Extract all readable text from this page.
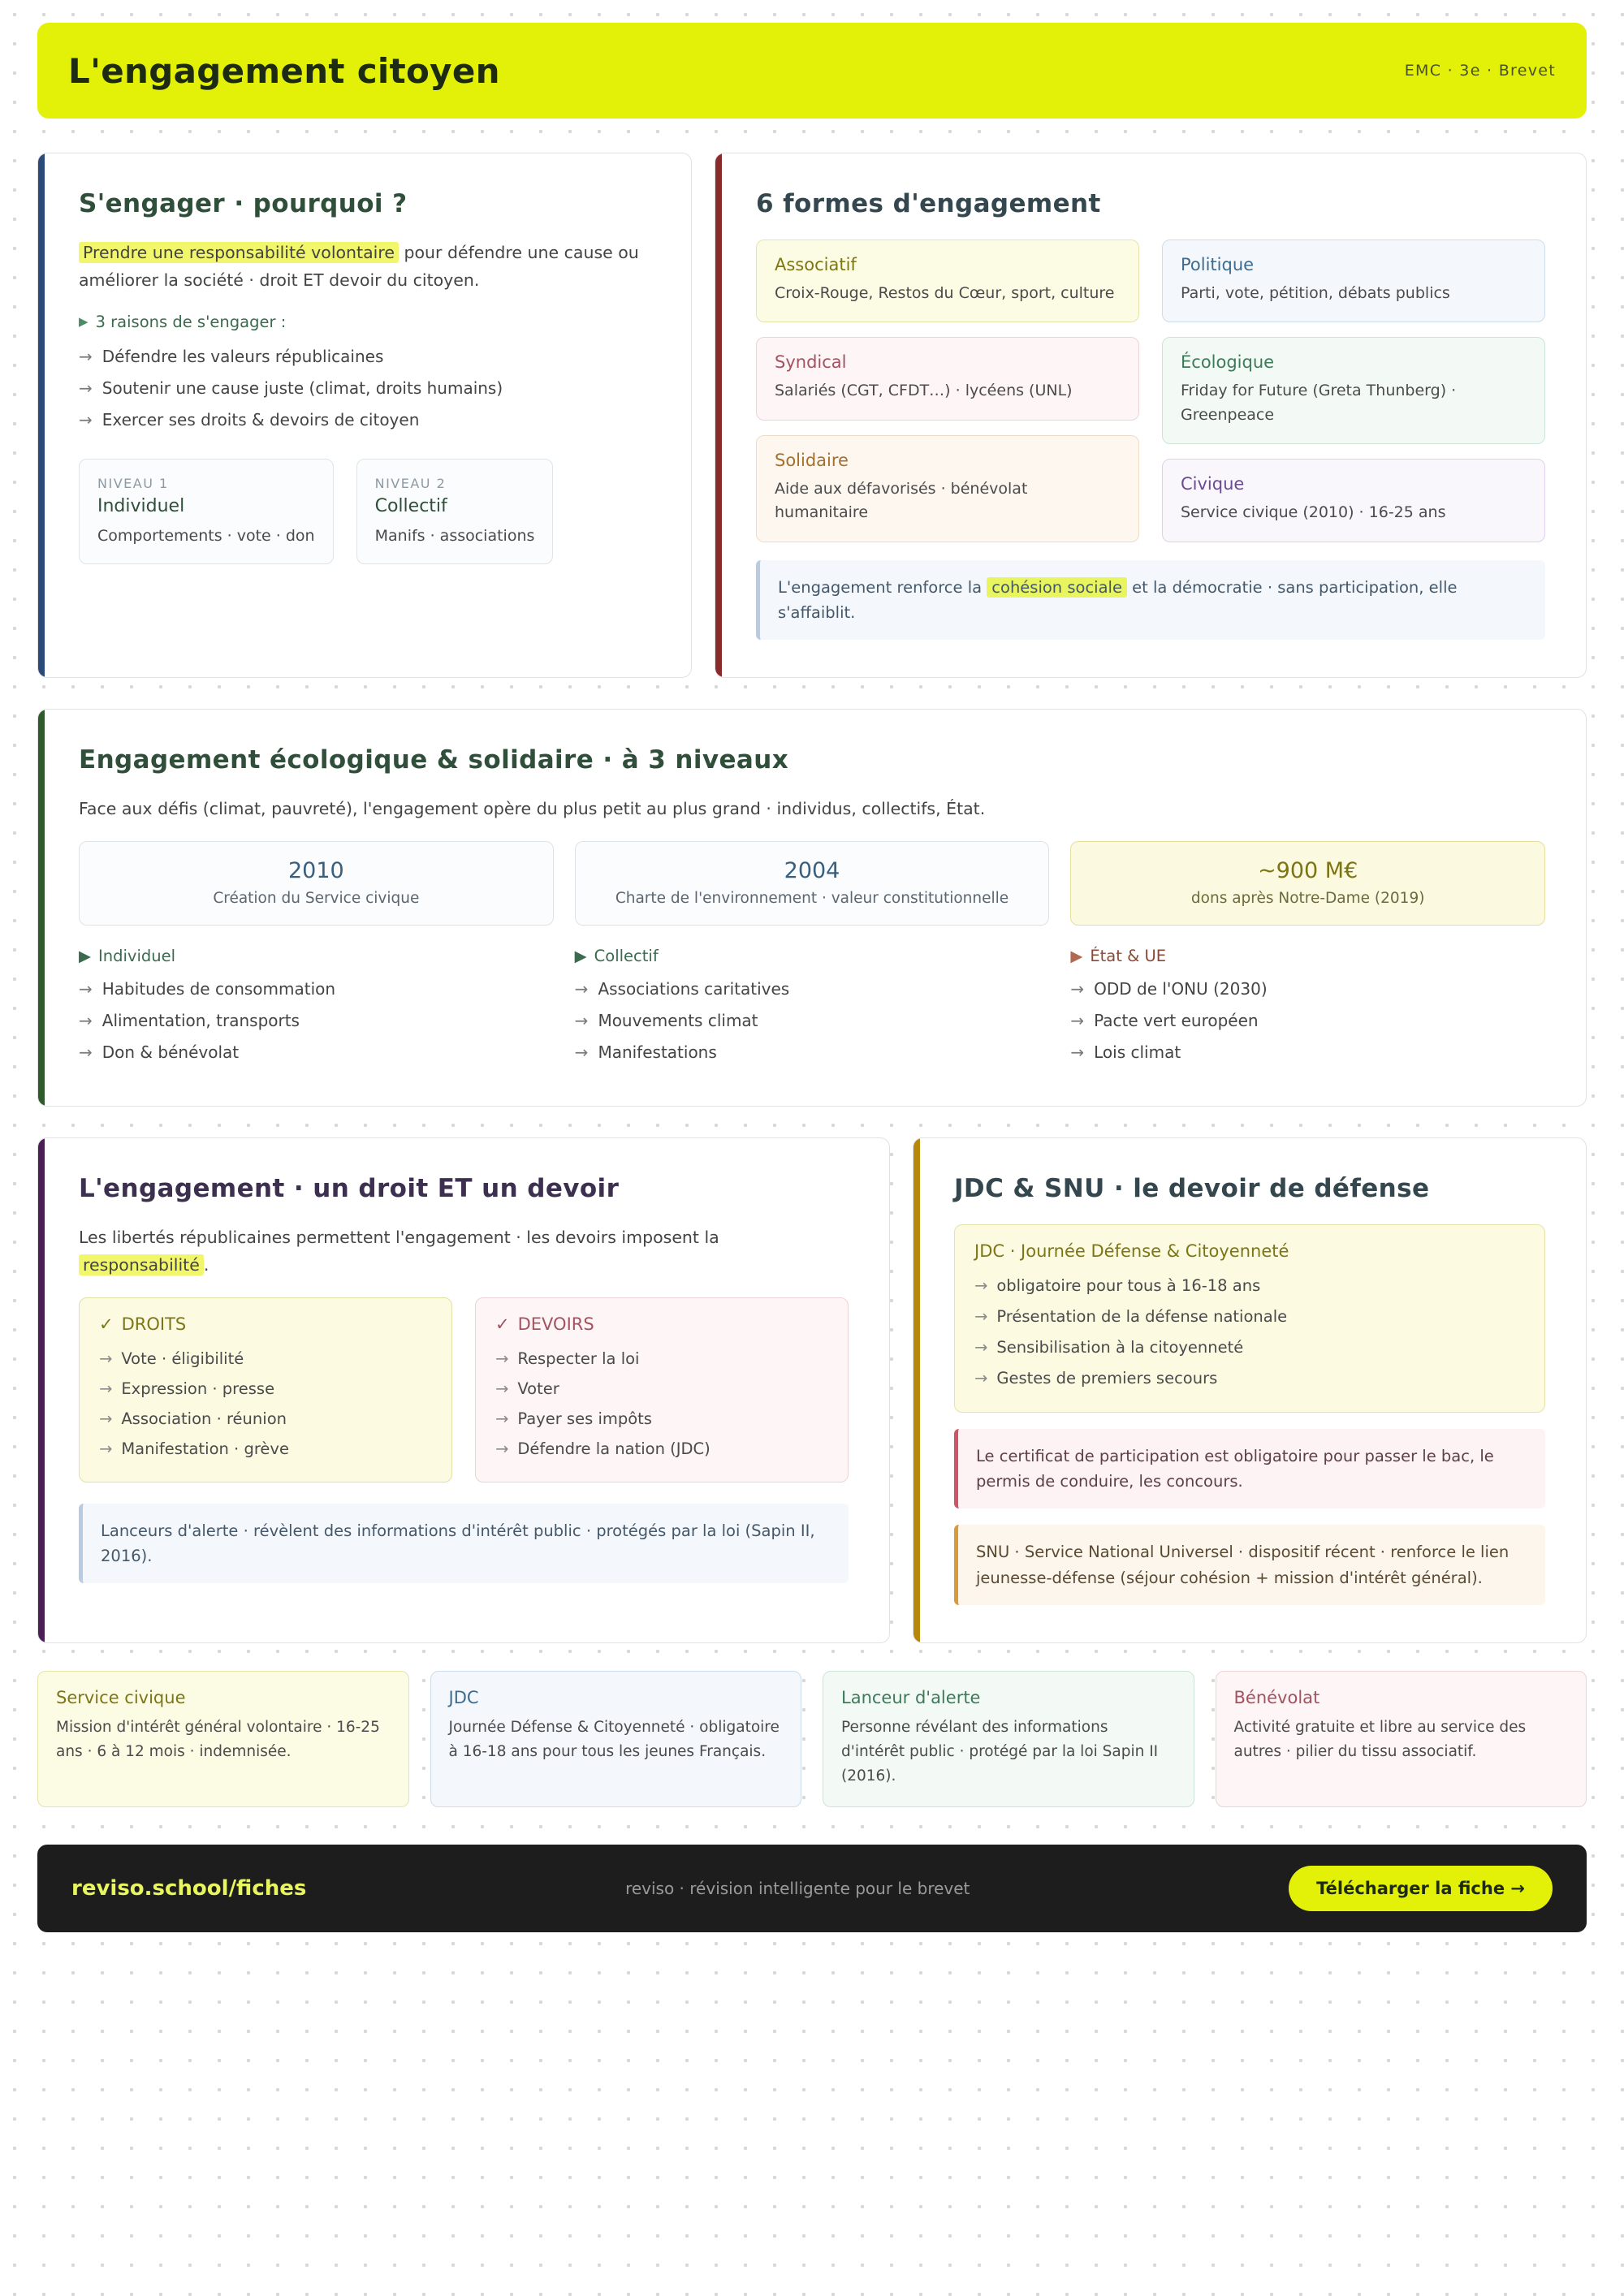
L'engagement citoyen	EMC · 3e · Brevet
S'engager · pourquoi ?

Prendre une responsabilité volontaire pour défendre une cause ou améliorer la société · droit ET devoir du citoyen.

▶ 3 raisons de s'engager :
→ Défendre les valeurs républicaines
→ Soutenir une cause juste (climat, droits humains)
→ Exercer ses droits & devoirs de citoyen
NIVEAU 1
Individuel
Comportements · vote · don
NIVEAU 2
Collectif
Manifs · associations
6 formes d'engagement
Associatif
Croix-Rouge, Restos du Cœur, sport, culture
Syndical
Salariés (CGT, CFDT…) · lycéens (UNL)
Solidaire
Aide aux défavorisés · bénévolat humanitaire
Politique
Parti, vote, pétition, débats publics
Écologique
Friday for Future (Greta Thunberg) · Greenpeace
Civique
Service civique (2010) · 16-25 ans
L'engagement renforce la cohésion sociale et la démocratie · sans participation, elle s'affaiblit.
Engagement écologique & solidaire · à 3 niveaux

Face aux défis (climat, pauvreté), l'engagement opère du plus petit au plus grand · individus, collectifs, État.

2010
Création du Service civique
2004
Charte de l'environnement · valeur constitutionnelle
~900 M€
dons après Notre-Dame (2019)
▶ Individuel
→ Habitudes de consommation
→ Alimentation, transports
→ Don & bénévolat
▶ Collectif
→ Associations caritatives
→ Mouvements climat
→ Manifestations
▶ État & UE
→ ODD de l'ONU (2030)
→ Pacte vert européen
→ Lois climat
L'engagement · un droit ET un devoir

Les libertés républicaines permettent l'engagement · les devoirs imposent la responsabilité .

✓ DROITS
→ Vote · éligibilité
→ Expression · presse
→ Association · réunion
→ Manifestation · grève
✓ DEVOIRS
→ Respecter la loi
→ Voter
→ Payer ses impôts
→ Défendre la nation (JDC)
Lanceurs d'alerte · révèlent des informations d'intérêt public · protégés par la loi (Sapin II, 2016).
JDC & SNU · le devoir de défense
JDC · Journée Défense & Citoyenneté
→ obligatoire pour tous à 16-18 ans
→ Présentation de la défense nationale
→ Sensibilisation à la citoyenneté
→ Gestes de premiers secours
Le certificat de participation est obligatoire pour passer le bac, le permis de conduire, les concours.
SNU · Service National Universel · dispositif récent · renforce le lien jeunesse-défense (séjour cohésion + mission d'intérêt général).
Service civique
Mission d'intérêt général volontaire · 16-25 ans · 6 à 12 mois · indemnisée.
JDC
Journée Défense & Citoyenneté · obligatoire à 16-18 ans pour tous les jeunes Français.
Lanceur d'alerte
Personne révélant des informations d'intérêt public · protégé par la loi Sapin II (2016).
Bénévolat
Activité gratuite et libre au service des autres · pilier du tissu associatif.
reviso.school/fiches	reviso · révision intelligente pour le brevet	Télécharger la fiche →
